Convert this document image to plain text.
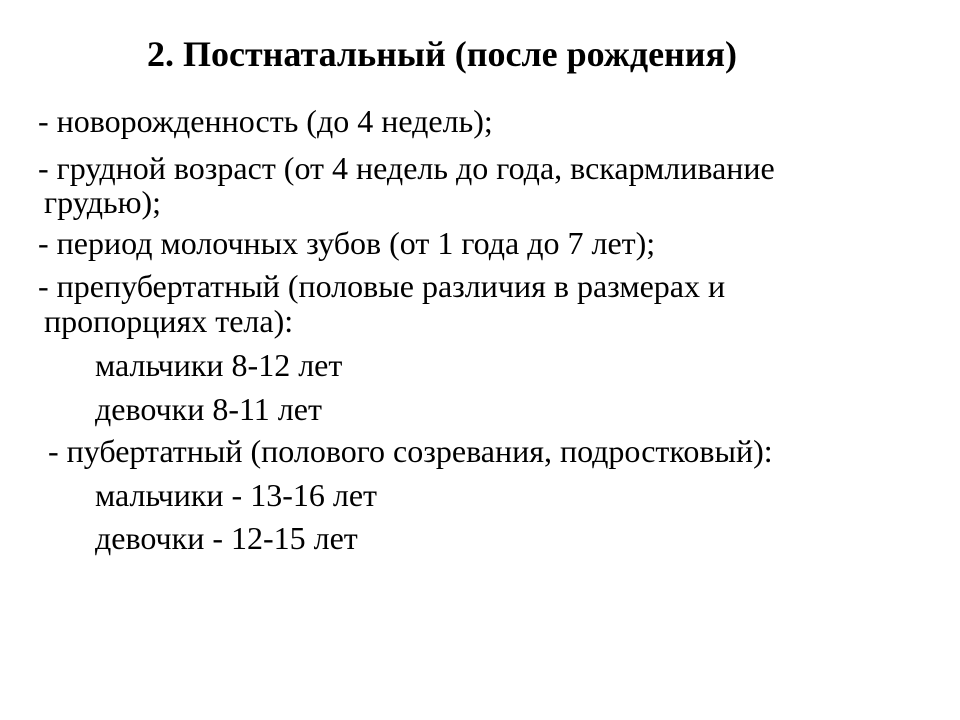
2. Постнатальный (после рождения)
- новорожденность (до 4 недель);
- грудной возраст (от 4 недель до года, вскармливание
грудью);
- период молочных зубов (от 1 года до 7 лет);
- препубертатный (половые различия в размерах и
пропорциях тела):
мальчики 8-12 лет
девочки 8-11 лет
- пубертатный (полового созревания, подростковый):
мальчики - 13-16 лет
девочки - 12-15 лет
